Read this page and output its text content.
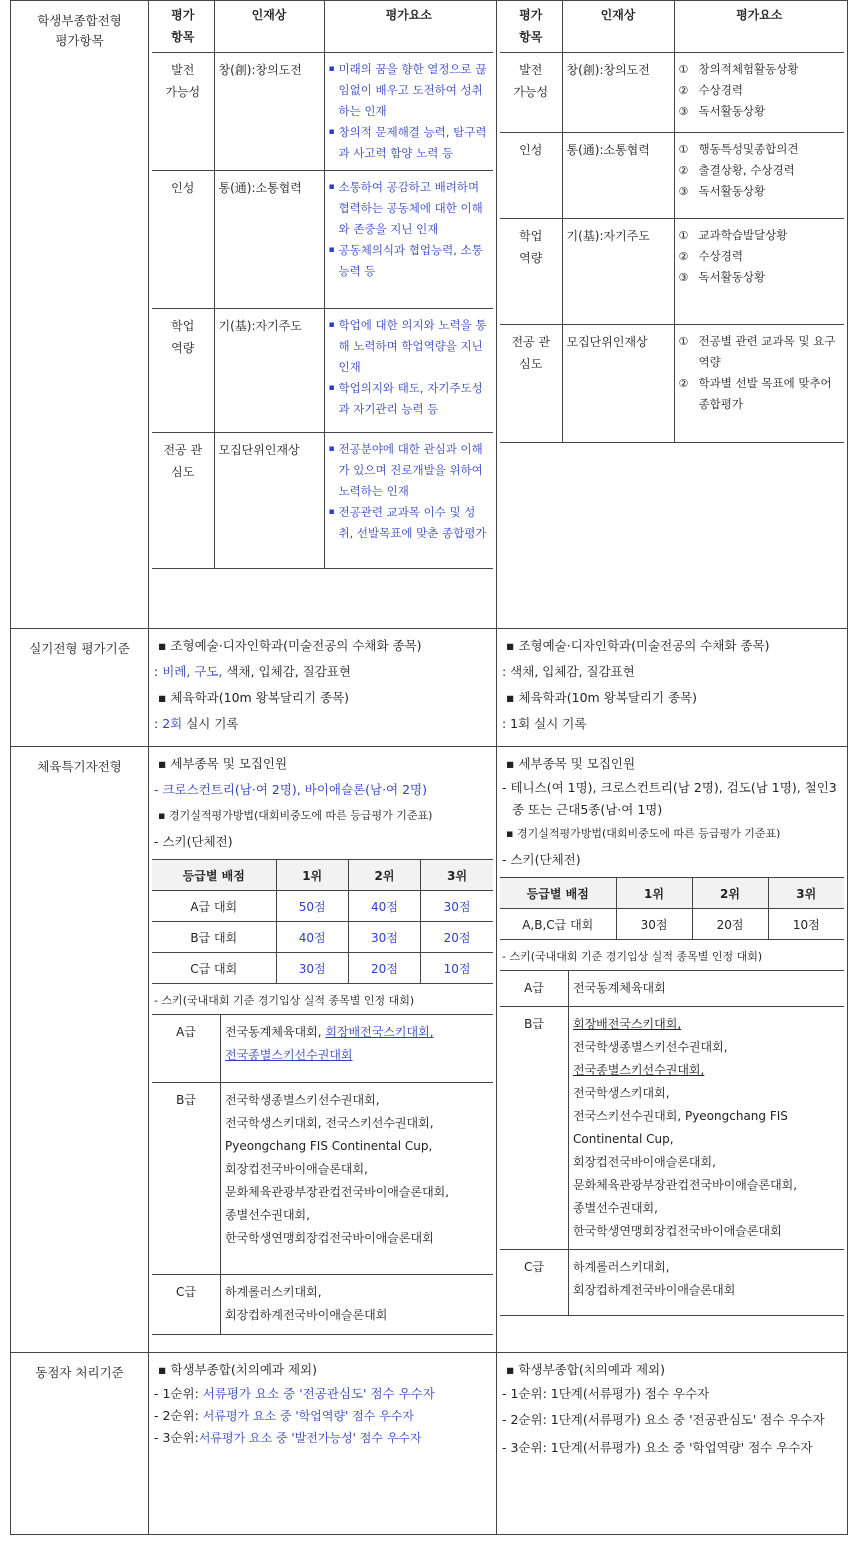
학생부종합전형
평가항목

평가 항목	인재상	평가요소
발전 가능성	창(創):창의도전	
▪미래의 꿈을 향한 열정으로 끊임없이 배우고 도전하여 성취하는 인재
▪ 창의적 문제해결 능력, 탐구력과 사고력 함양 노력 등

인성	통(通):소통협력	
▪소통하여 공감하고 배려하며 협력하는 공동체에 대한 이해와 존중을 지닌 인재
▪ 공동체의식과 협업능력, 소통능력 등

학업 역량	기(基):자기주도	
▪학업에 대한 의지와 노력을 통해 노력하며 학업역량을 지닌 인재
▪ 학업의지와 태도, 자기주도성과 자기관리 능력 등

전공 관심도	모집단위인재상	
▪전공분야에 대한 관심과 이해가 있으며 진로개발을 위하여 노력하는 인재
▪ 전공관련 교과목 이수 및 성취, 선발목표에 맞춘 종합평가

평가 항목	인재상	평가요소
발전 가능성	창(創):창의도전	
①창의적체험활동상황
② 수상경력
③ 독서활동상황

인성	통(通):소통협력	
①행동특성및종합의견
② 출결상황, 수상경력
③ 독서활동상황

학업 역량	기(基):자기주도	
①교과학습발달상황
② 수상경력
③ 독서활동상황

전공 관심도	모집단위인재상	
①전공별 관련 교과목 및 요구역량
② 학과별 선발 목표에 맞추어 종합평가

실기전형 평가기준	▪ 조형예술·디자인학과(미술전공의 수채화 종목)
: 비례, 구도, 색채, 입체감, 질감표현
▪ 체육학과(10m 왕복달리기 종목)
: 2회 실시 기록

▪ 조형예술·디자인학과(미술전공의 수채화 종목)
: 색채, 입체감, 질감표현
▪ 체육학과(10m 왕복달리기 종목)
: 1회 실시 기록

체육특기자전형	▪ 세부종목 및 모집인원
- 크로스컨트리(남·여 2명), 바이애슬론(남·여 2명)
▪ 경기실적평가방법(대회비중도에 따른 등급평가 기준표)
- 스키(단체전)
등급별 배점	1위	2위	3위
A급 대회	50점	40점	30점
B급 대회	40점	30점	20점
C급 대회	30점	20점	10점
- 스키(국내대회 기준 경기입상 실적 종목별 인정 대회)
A급	전국동계체육대회, 회장배전국스키대회,
전국종별스키선수권대회
B급	전국학생종별스키선수권대회,
전국학생스키대회, 전국스키선수권대회,
Pyeongchang FIS Continental Cup,
회장컵전국바이애슬론대회,
문화체육관광부장관컵전국바이애슬론대회,
종별선수권대회,
한국학생연맹회장컵전국바이애슬론대회

C급	하계롤러스키대회,
회장컵하계전국바이애슬론대회

▪ 세부종목 및 모집인원
- 테니스(여 1명), 크로스컨트리(남 2명), 검도(남 1명), 철인3종 또는 근대5종(남·여 1명)
▪ 경기실적평가방법(대회비중도에 따른 등급평가 기준표)
- 스키(단체전)
등급별 배점	1위	2위	3위
A,B,C급 대회	30점	20점	10점
- 스키(국내대회 기준 경기입상 실적 종목별 인정 대회)
A급	전국동계체육대회

B급	회장배전국스키대회,
전국학생종별스키선수권대회,
전국종별스키선수권대회,
전국학생스키대회,
전국스키선수권대회, Pyeongchang FIS
Continental Cup,
회장컵전국바이애슬론대회,
문화체육관광부장관컵전국바이애슬론대회,
종별선수권대회,
한국학생연맹회장컵전국바이애슬론대회

C급	하계롤러스키대회,
회장컵하계전국바이애슬론대회

동점자 처리기준	▪ 학생부종합(치의예과 제외)
- 1순위: 서류평가 요소 중 '전공관심도' 점수 우수자
- 2순위: 서류평가 요소 중 '학업역량' 점수 우수자
- 3순위:서류평가 요소 중 '발전가능성' 점수 우수자

▪ 학생부종합(치의예과 제외)
- 1순위: 1단계(서류평가) 점수 우수자
- 2순위: 1단계(서류평가) 요소 중 '전공관심도' 점수 우수자
- 3순위: 1단계(서류평가) 요소 중 '학업역량' 점수 우수자
